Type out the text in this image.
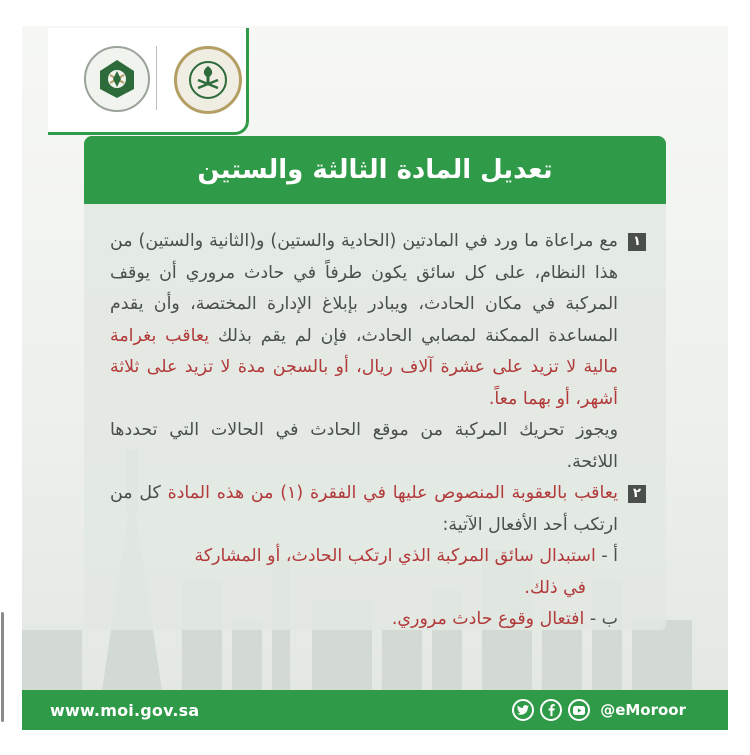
تعديل المادة الثالثة والستين

١
مع مراعاة ما ورد في المادتين (الحادية والستين) و(الثانية والستين) من هذا النظام، على كل سائق يكون طرفاً في حادث مروري أن يوقف المركبة في مكان الحادث، ويبادر بإبلاغ الإدارة المختصة، وأن يقدم المساعدة الممكنة لمصابي الحادث، فإن لم يقم بذلك يعاقب بغرامة مالية لا تزيد على عشرة آلاف ريال، أو بالسجن مدة لا تزيد على ثلاثة أشهر، أو بهما معاً.
ويجوز تحريك المركبة من موقع الحادث في الحالات التي تحددها اللائحة.

٢
يعاقب بالعقوبة المنصوص عليها في الفقرة (١) من هذه المادة كل من ارتكب أحد الأفعال الآتية:

أ - استبدال سائق المركبة الذي ارتكب الحادث، أو المشاركة

في ذلك.

ب - افتعال وقوع حادث مروري.

www.moi.gov.sa	@eMoroor
